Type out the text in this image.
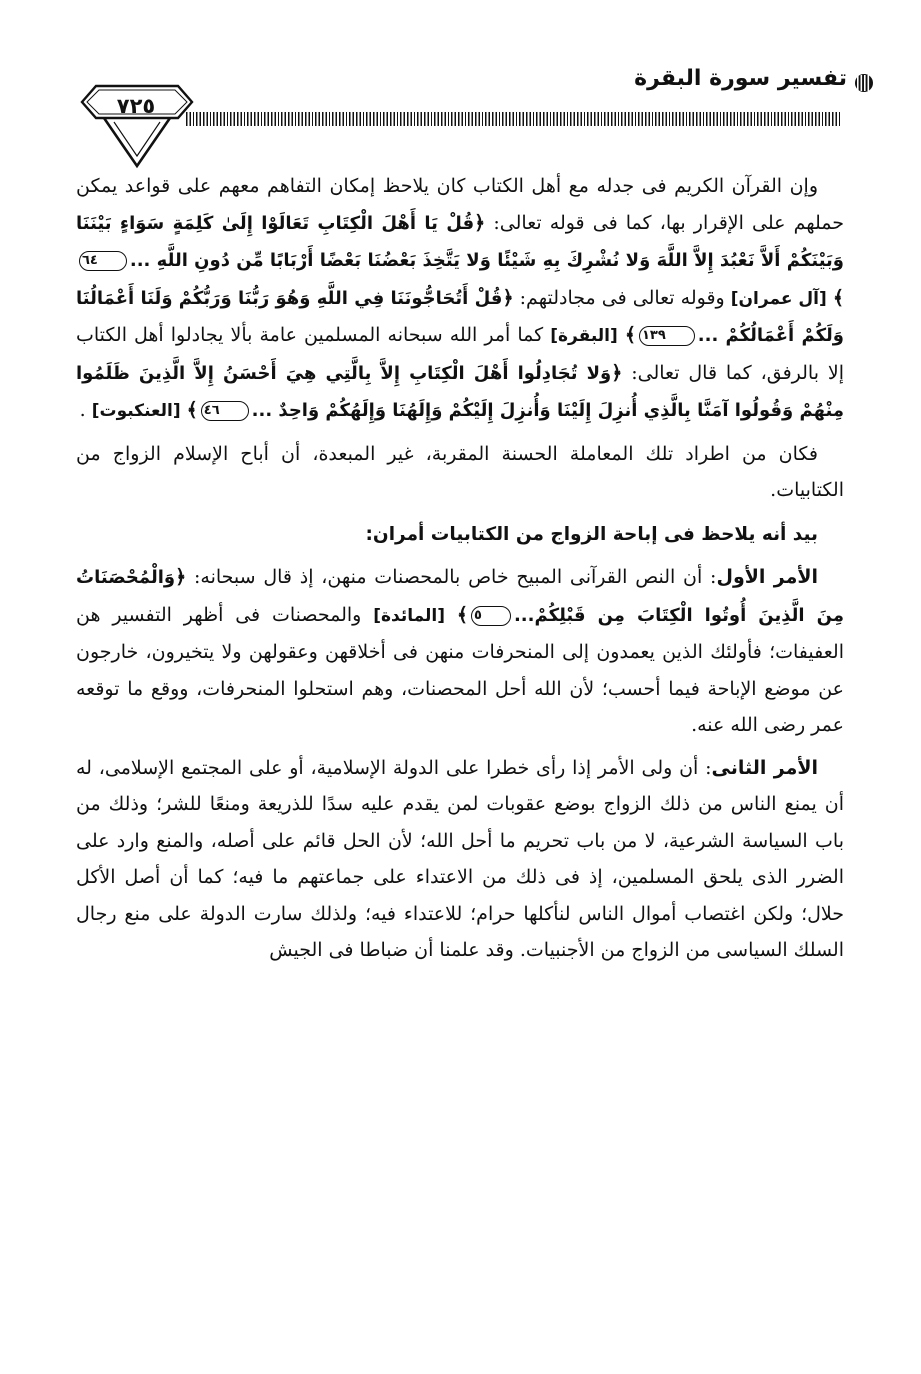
تفسير سورة البقرة
٧٢٥

وإن القرآن الكريم فى جدله مع أهل الكتاب كان يلاحظ إمكان التفاهم معهم على قواعد يمكن حملهم على الإقرار بها، كما فى قوله تعالى: ﴿قُلْ يَا أَهْلَ الْكِتَابِ تَعَالَوْا إِلَىٰ كَلِمَةٍ سَوَاءٍ بَيْنَنَا وَبَيْنَكُمْ أَلاَّ نَعْبُدَ إِلاَّ اللَّهَ وَلا نُشْرِكَ بِهِ شَيْئًا وَلا يَتَّخِذَ بَعْضُنَا بَعْضًا أَرْبَابًا مِّن دُونِ اللَّهِ ...٦٤﴾ [آل عمران] وقوله تعالى فى مجادلتهم: ﴿قُلْ أَتُحَاجُّونَنَا فِي اللَّهِ وَهُوَ رَبُّنَا وَرَبُّكُمْ وَلَنَا أَعْمَالُنَا وَلَكُمْ أَعْمَالُكُمْ ...١٣٩﴾ [البقرة] كما أمر الله سبحانه المسلمين عامة بألا يجادلوا أهل الكتاب إلا بالرفق، كما قال تعالى: ﴿وَلا تُجَادِلُوا أَهْلَ الْكِتَابِ إِلاَّ بِالَّتِي هِيَ أَحْسَنُ إِلاَّ الَّذِينَ ظَلَمُوا مِنْهُمْ وَقُولُوا آمَنَّا بِالَّذِي أُنزِلَ إِلَيْنَا وَأُنزِلَ إِلَيْكُمْ وَإِلَهُنَا وَإِلَهُكُمْ وَاحِدٌ ...٤٦﴾ [العنكبوت] .

فكان من اطراد تلك المعاملة الحسنة المقربة، غير المبعدة، أن أباح الإسلام الزواج من الكتابيات.

بيد أنه يلاحظ فى إباحة الزواج من الكتابيات أمران:

الأمر الأول: أن النص القرآنى المبيح خاص بالمحصنات منهن، إذ قال سبحانه: ﴿وَالْمُحْصَنَاتُ مِنَ الَّذِينَ أُوتُوا الْكِتَابَ مِن قَبْلِكُمْ...٥﴾ [المائدة] والمحصنات فى أظهر التفسير هن العفيفات؛ فأولئك الذين يعمدون إلى المنحرفات منهن فى أخلاقهن وعقولهن ولا يتخيرون، خارجون عن موضع الإباحة فيما أحسب؛ لأن الله أحل المحصنات، وهم استحلوا المنحرفات، ووقع ما توقعه عمر رضى الله عنه.

الأمر الثانى: أن ولى الأمر إذا رأى خطرا على الدولة الإسلامية، أو على المجتمع الإسلامى، له أن يمنع الناس من ذلك الزواج بوضع عقوبات لمن يقدم عليه سدًا للذريعة ومنعًا للشر؛ وذلك من باب السياسة الشرعية، لا من باب تحريم ما أحل الله؛ لأن الحل قائم على أصله، والمنع وارد على الضرر الذى يلحق المسلمين، إذ فى ذلك من الاعتداء على جماعتهم ما فيه؛ كما أن أصل الأكل حلال؛ ولكن اغتصاب أموال الناس لنأكلها حرام؛ للاعتداء فيه؛ ولذلك سارت الدولة على منع رجال السلك السياسى من الزواج من الأجنبيات. وقد علمنا أن ضباطا فى الجيش
